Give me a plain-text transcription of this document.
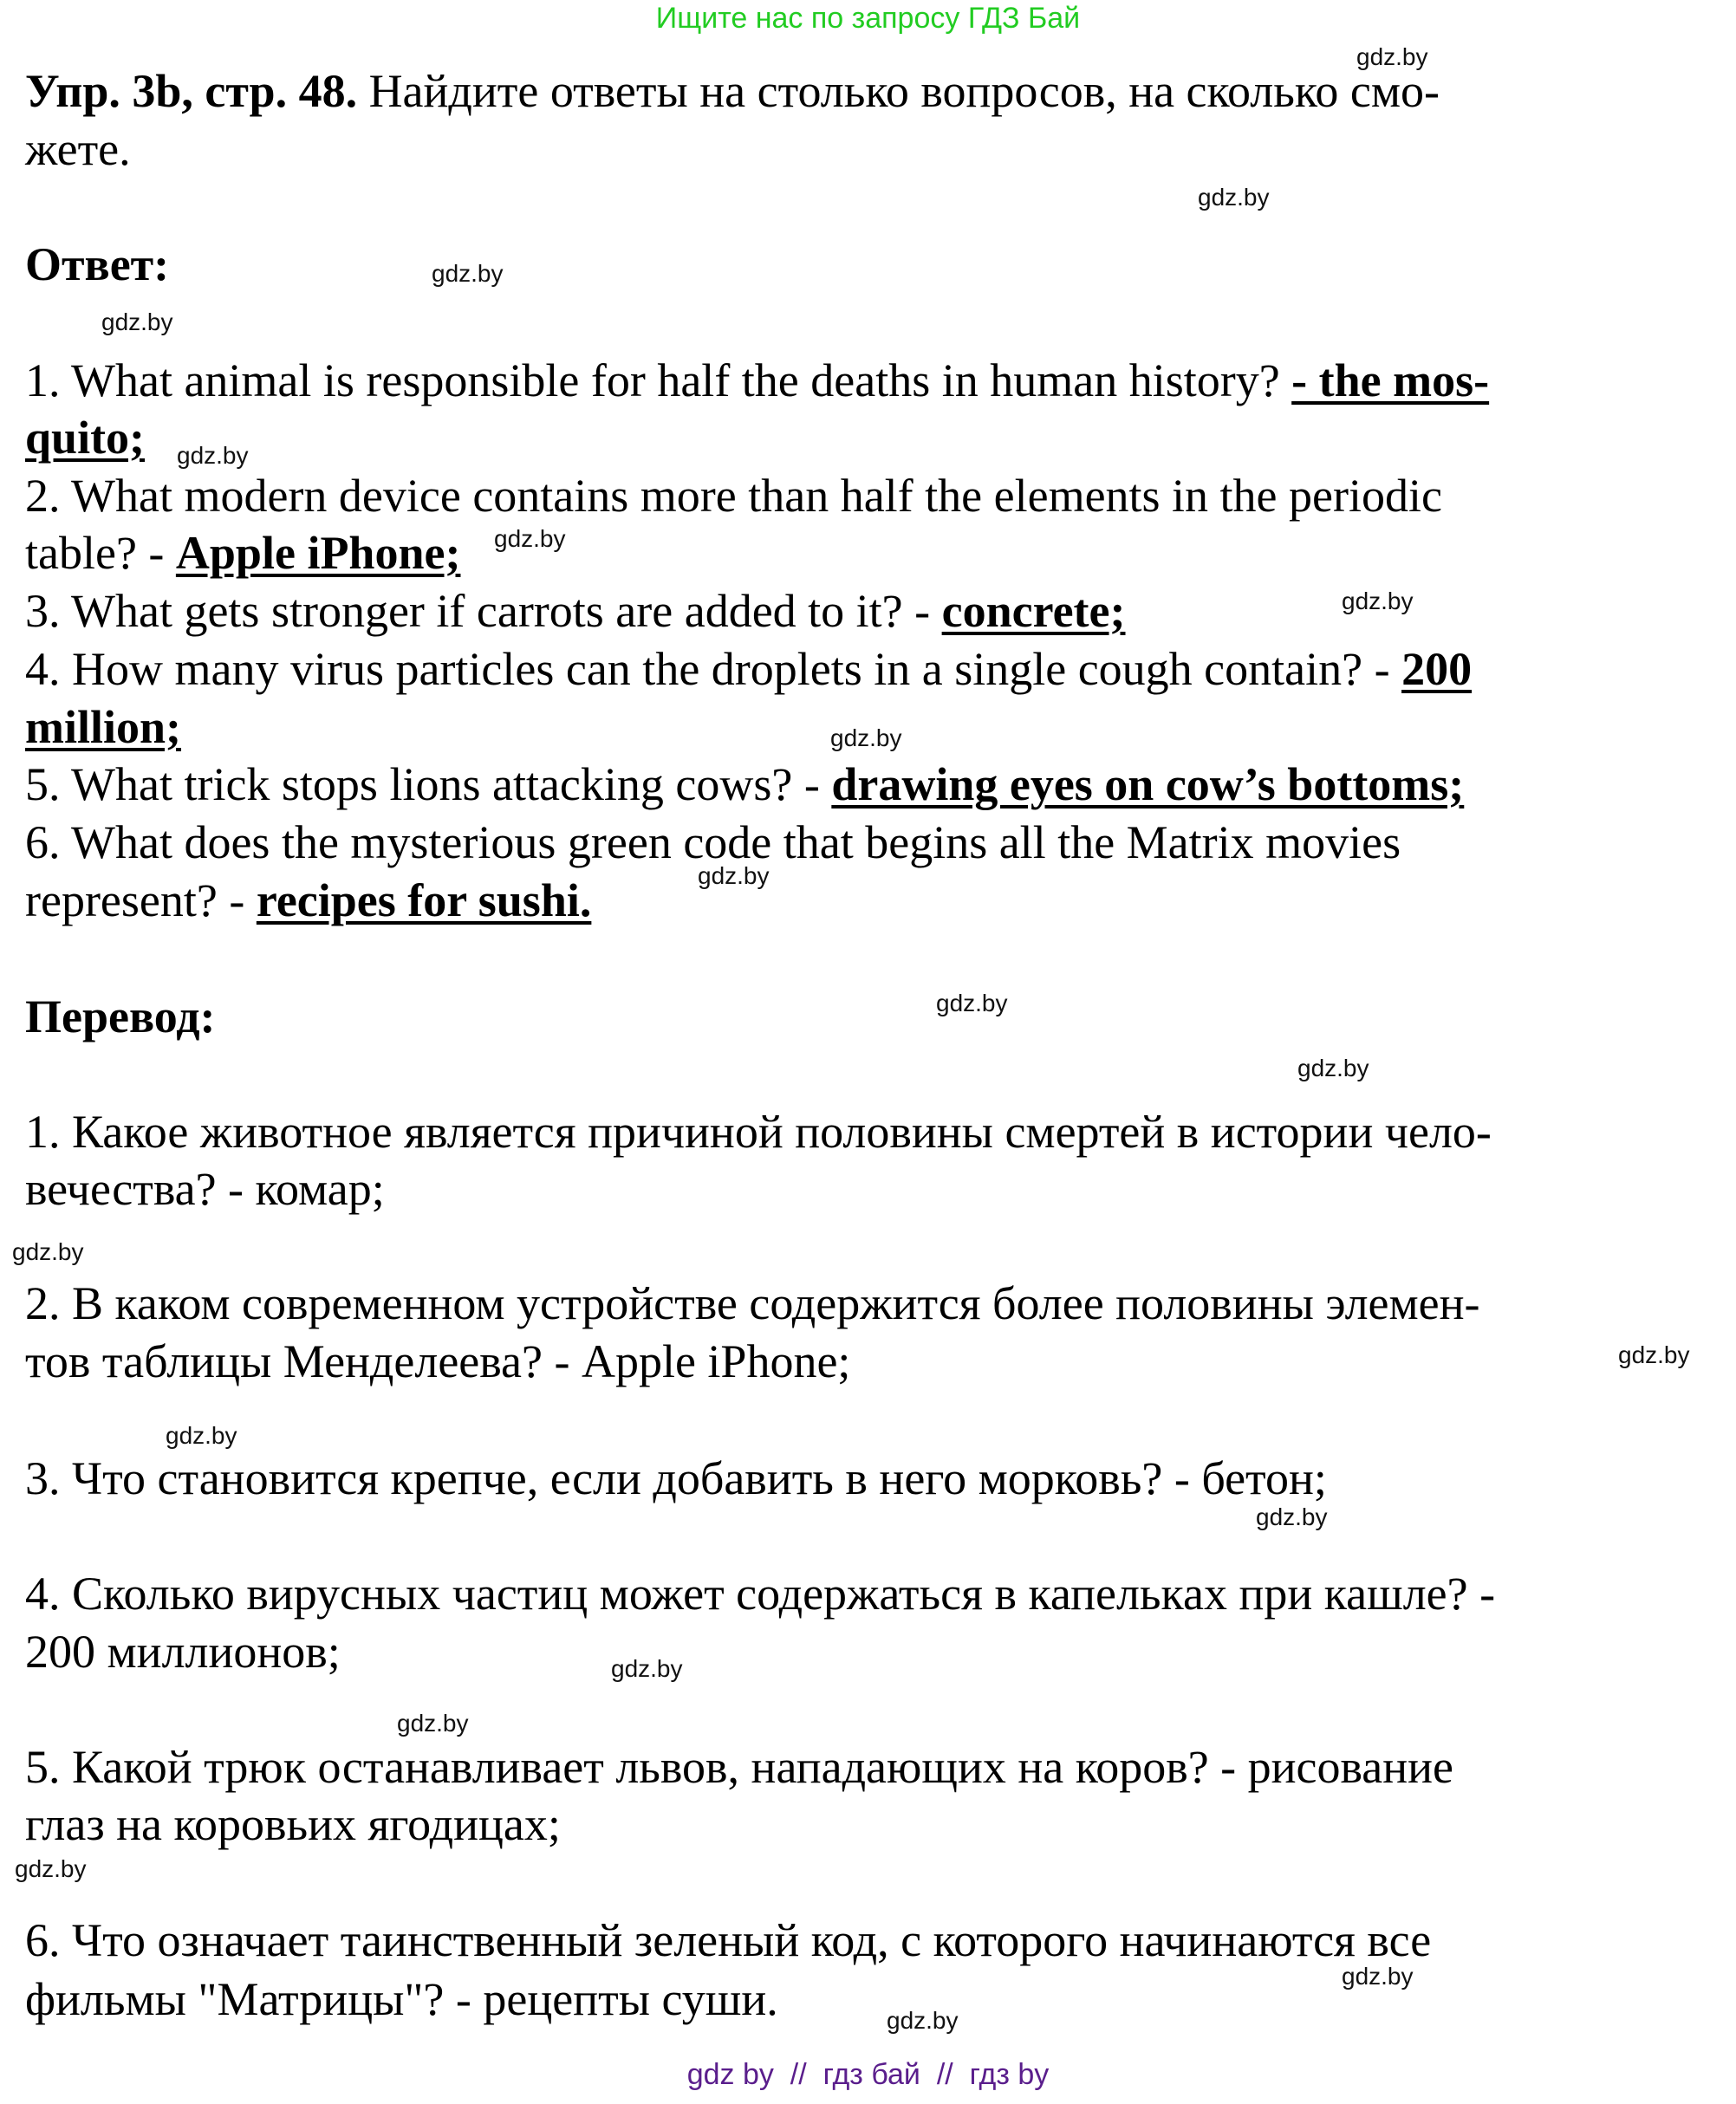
Ищите нас по запросу ГДЗ Бай
Упр. 3b, стр. 48. Найдите ответы на столько вопросов, на сколько смо-
жете.
Ответ:
1. What animal is responsible for half the deaths in human history? - the mos-
quito;
2. What modern device contains more than half the elements in the periodic
table? - Apple iPhone;
3. What gets stronger if carrots are added to it? - concrete;
4. How many virus particles can the droplets in a single cough contain? - 200
million;
5. What trick stops lions attacking cows? - drawing eyes on cow’s bottoms;
6. What does the mysterious green code that begins all the Matrix movies
represent? - recipes for sushi.
Перевод:
1. Какое животное является причиной половины смертей в истории чело-
вечества? - комар;
2. В каком современном устройстве содержится более половины элемен-
тов таблицы Менделеева? - Apple iPhone;
3. Что становится крепче, если добавить в него морковь? - бетон;
4. Сколько вирусных частиц может содержаться в капельках при кашле? -
200 миллионов;
5. Какой трюк останавливает львов, нападающих на коров? - рисование
глаз на коровьих ягодицах;
6. Что означает таинственный зеленый код, с которого начинаются все
фильмы "Матрицы"? - рецепты суши.
gdz.by
gdz.by
gdz.by
gdz.by
gdz.by
gdz.by
gdz.by
gdz.by
gdz.by
gdz.by
gdz.by
gdz.by
gdz.by
gdz.by
gdz.by
gdz.by
gdz.by
gdz.by
gdz.by
gdz.by
gdz by  //  гдз бай  //  гдз by
